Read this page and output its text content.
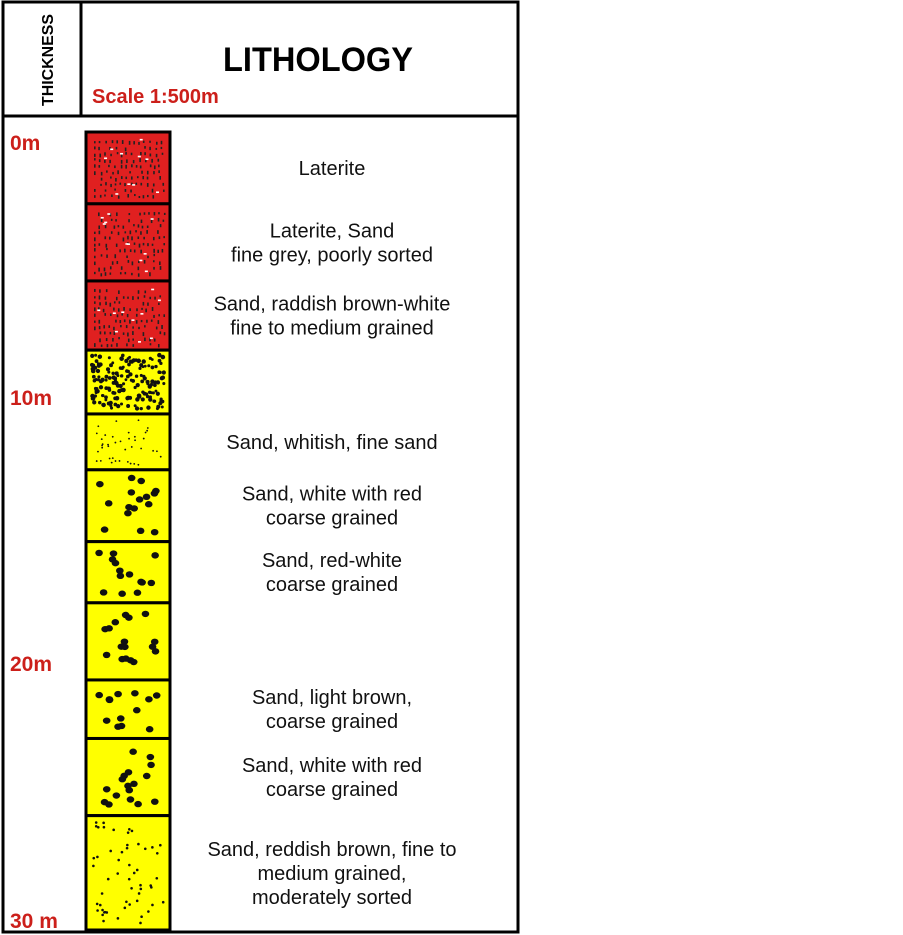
THICKNESS	LITHOLOGY
Scale 1:500m
0m
10m
20m
30 m
Laterite
Laterite, Sand
fine grey, poorly sorted
Sand, raddish brown-white
fine to medium grained
Sand, whitish, fine sand
Sand, white with red
coarse grained
Sand, red-white
coarse grained
Sand, light brown,
coarse grained
Sand, white with red
coarse grained
Sand, reddish brown, fine to
medium grained,
moderately sorted
